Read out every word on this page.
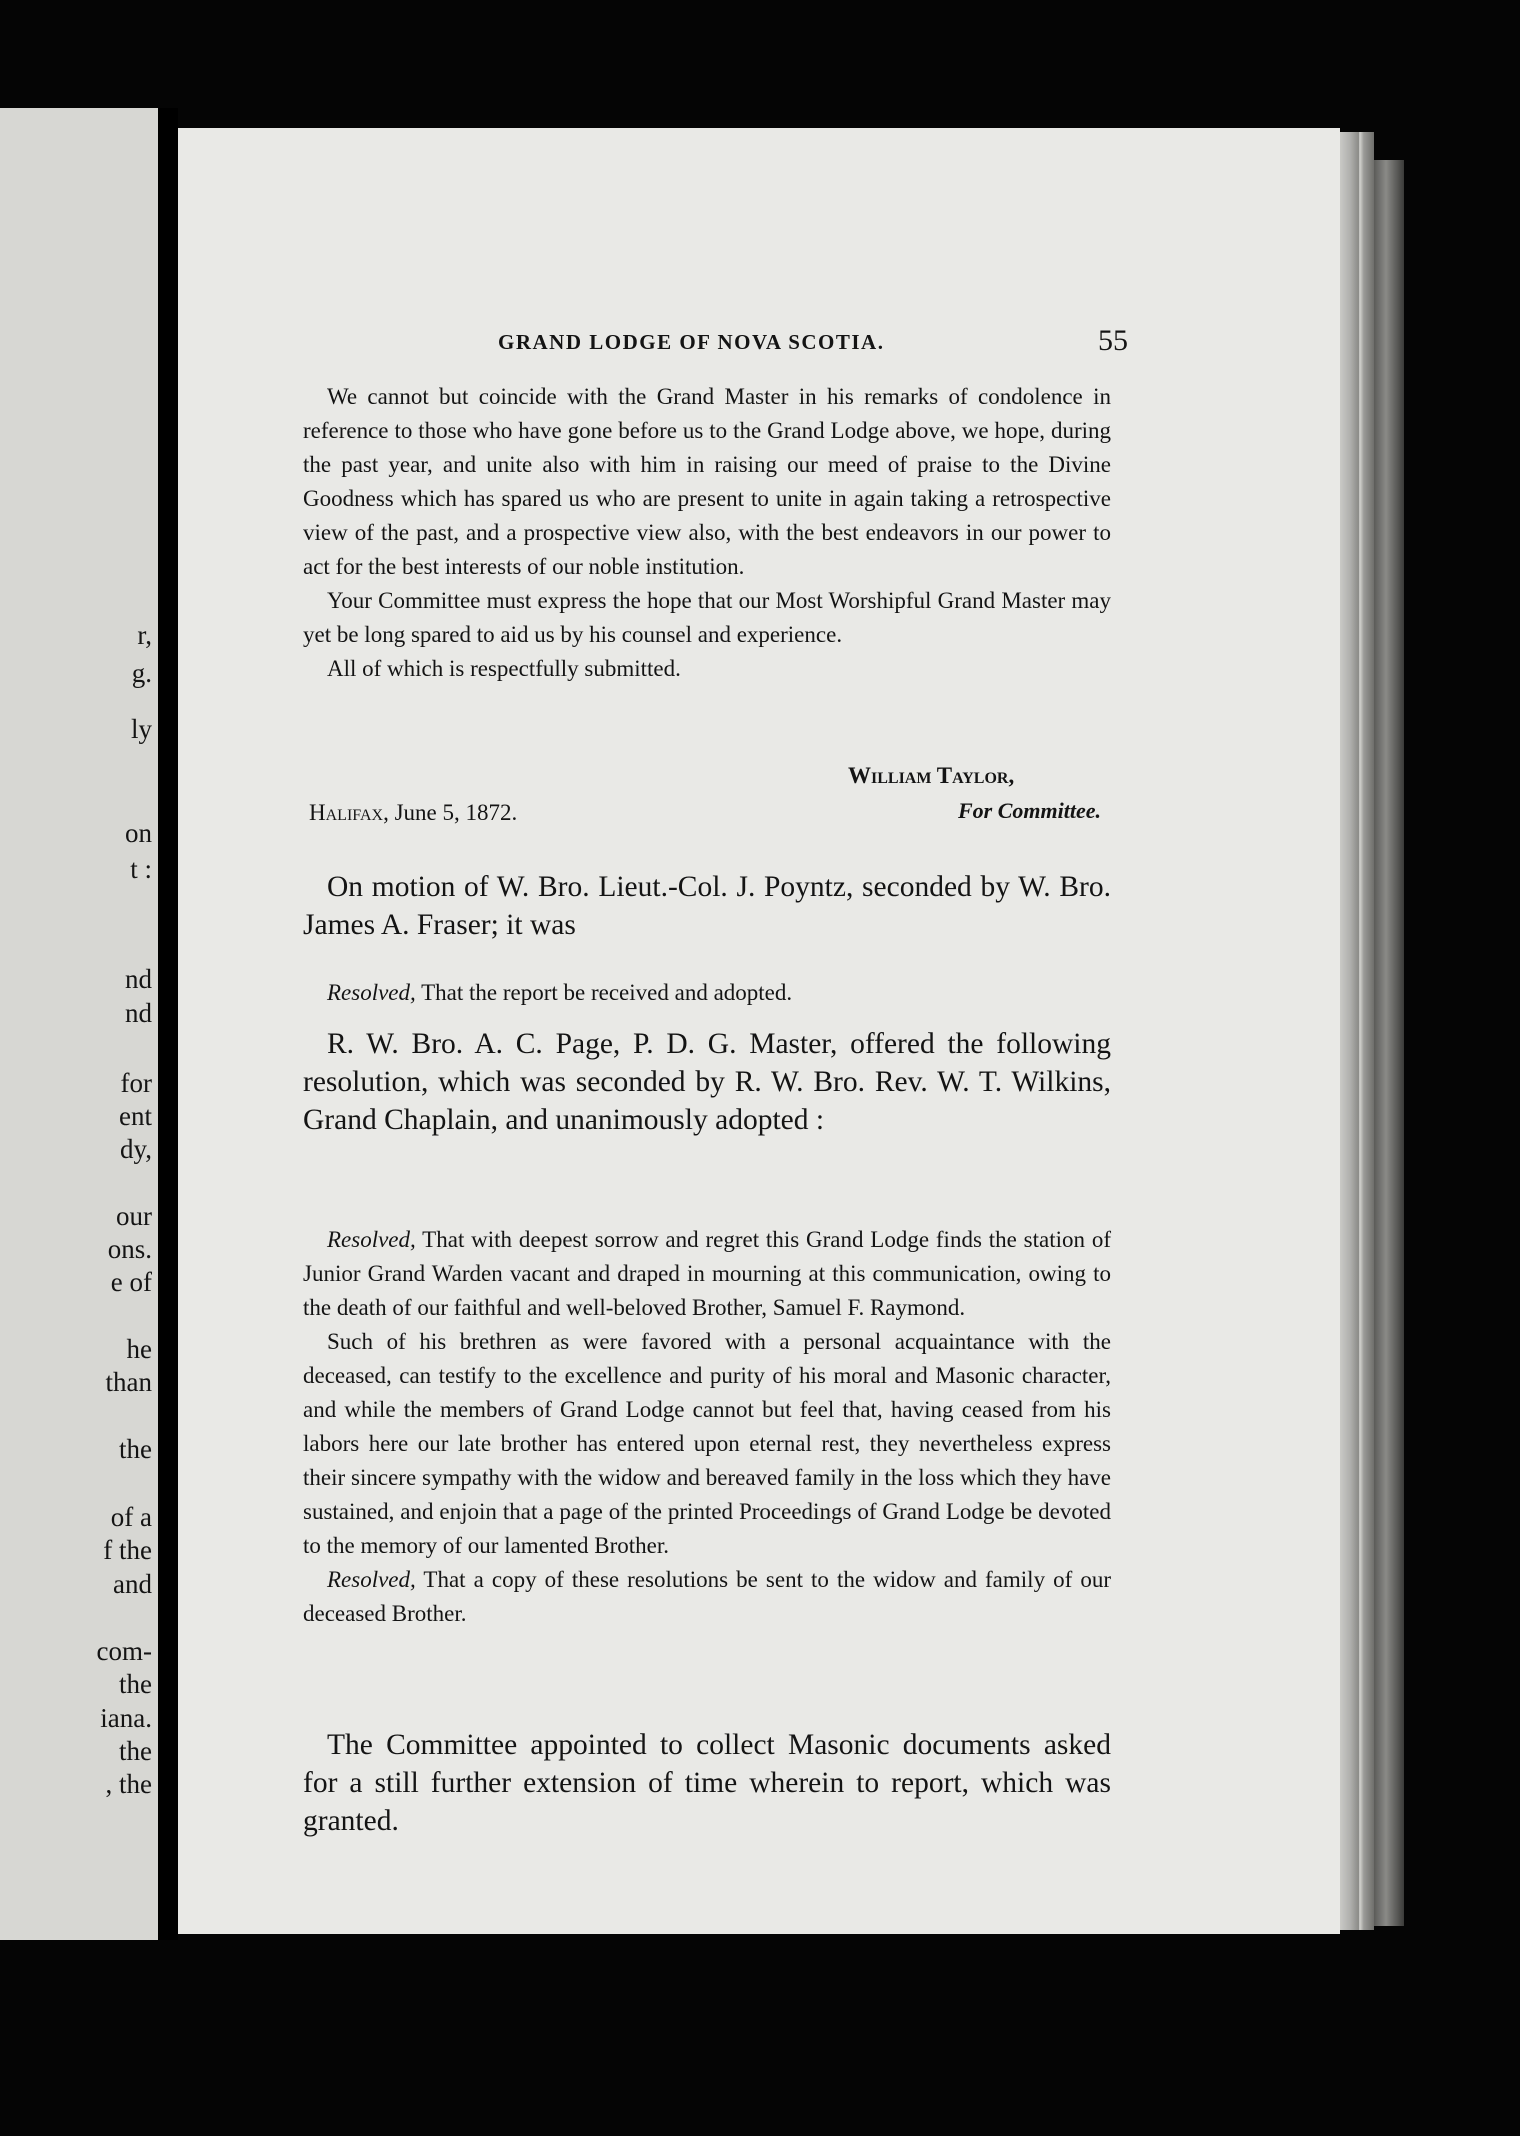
r,

g.

ly

on

t :

nd

nd

for

ent

dy,

our

ons.

e of

he

than

the

of a

f the

and

com-

the

iana.

the

, the

GRAND LODGE OF NOVA SCOTIA.	55

We cannot but coincide with the Grand Master in his remarks of condolence in reference to those who have gone before us to the Grand Lodge above, we hope, during the past year, and unite also with him in raising our meed of praise to the Divine Goodness which has spared us who are present to unite in again taking a retrospective view of the past, and a prospective view also, with the best endeavors in our power to act for the best interests of our noble institution.

Your Committee must express the hope that our Most Worshipful Grand Master may yet be long spared to aid us by his counsel and experience.

All of which is respectfully submitted.

William Taylor,

For Committee.

Halifax, June 5, 1872.

On motion of W. Bro. Lieut.-Col. J. Poyntz, seconded by W. Bro. James A. Fraser; it was

Resolved, That the report be received and adopted.

R. W. Bro. A. C. Page, P. D. G. Master, offered the following resolution, which was seconded by R. W. Bro. Rev. W. T. Wilkins, Grand Chaplain, and unanimously adopted :

Resolved, That with deepest sorrow and regret this Grand Lodge finds the station of Junior Grand Warden vacant and draped in mourning at this communication, owing to the death of our faithful and well-beloved Brother, Samuel F. Raymond.

Such of his brethren as were favored with a personal acquaintance with the deceased, can testify to the excellence and purity of his moral and Masonic character, and while the members of Grand Lodge cannot but feel that, having ceased from his labors here our late brother has entered upon eternal rest, they nevertheless express their sincere sympathy with the widow and bereaved family in the loss which they have sustained, and enjoin that a page of the printed Proceedings of Grand Lodge be devoted to the memory of our lamented Brother.

Resolved, That a copy of these resolutions be sent to the widow and family of our deceased Brother.

The Committee appointed to collect Masonic documents asked for a still further extension of time wherein to report, which was granted.
